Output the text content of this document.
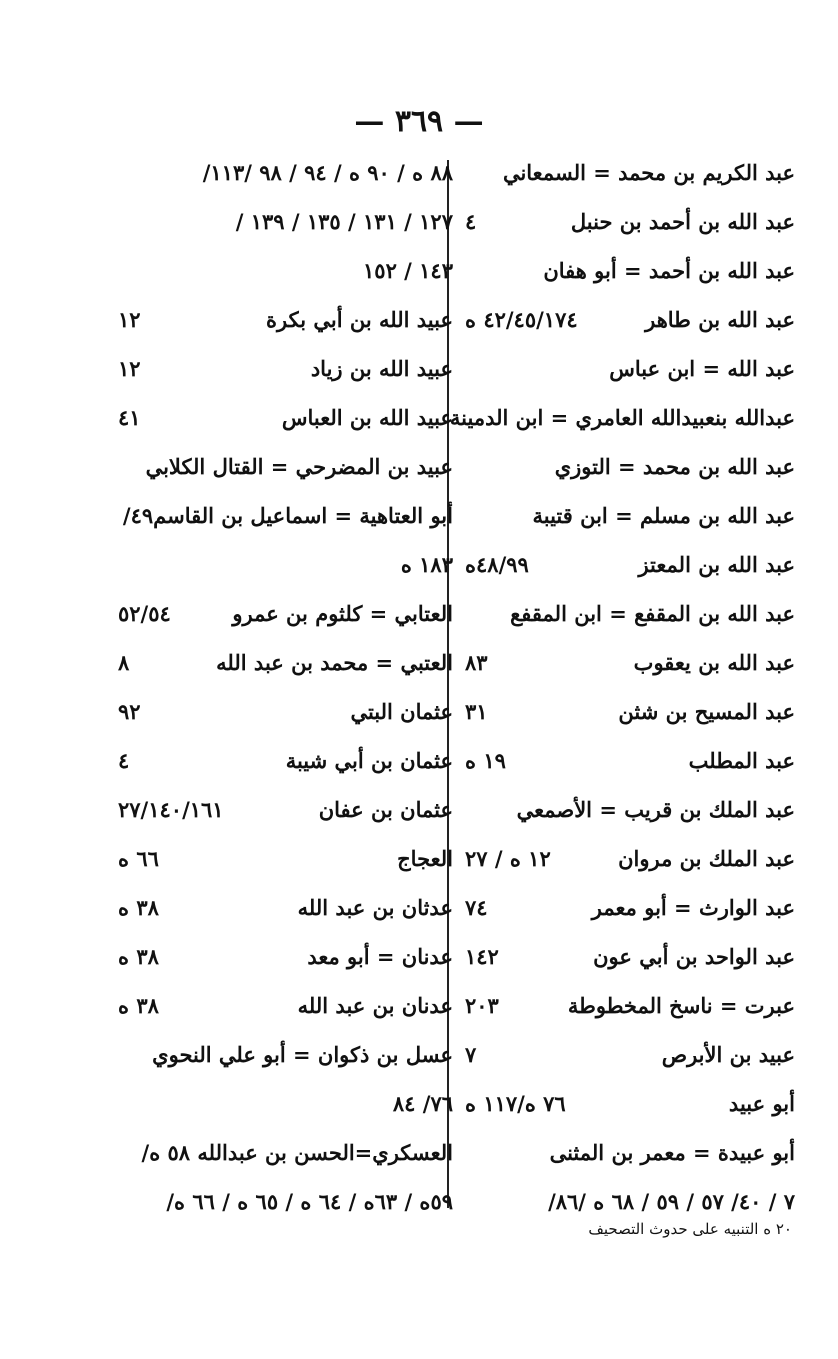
— ٣٦٩ —
عبد الكريم بن محمد = السمعاني
عبد الله بن أحمد بن حنبل
٤
عبد الله بن أحمد = أبو هفان
عبد الله بن طاهر
٤٢/٤٥/١٧٤ ه
عبد الله = ابن عباس
عبدالله بنعبيدالله العامري = ابن الدمينة
عبد الله بن محمد = التوزي
عبد الله بن مسلم = ابن قتيبة
عبد الله بن المعتز
٤٨/٩٩ه
عبد الله بن المقفع = ابن المقفع
عبد الله بن يعقوب
٨٣
عبد المسيح بن شثن
٣١
عبد المطلب
١٩ ه
عبد الملك بن قريب = الأصمعي
عبد الملك بن مروان
١٢ ه / ٢٧
عبد الوارث = أبو معمر
٧٤
عبد الواحد بن أبي عون
١٤٢
عبرت = ناسخ المخطوطة
٢٠٣
عبيد بن الأبرص
٧
أبو عبيد
٧٦ ه/١١٧ ه
أبو عبيدة = معمر بن المثنى
٧ / ٤٠/ ٥٧ / ٥٩ / ٦٨ ه /٨٦/
٨٨ ه / ٩٠ ه / ٩٤ / ٩٨ /١١٣/
١٢٧ / ١٣١ / ١٣٥ / ١٣٩ /
١٤٣ / ١٥٢
عبيد الله بن أبي بكرة
١٢
عبيد الله بن زياد
١٢
عبيد الله بن العباس
٤١
عبيد بن المضرحي = القتال الكلابي
أبو العتاهية = اسماعيل بن القاسم٤٩/
١٨٣ ه
العتابي = كلثوم بن عمرو
٥٢/٥٤
العتبي = محمد بن عبد الله
٨
عثمان البتي
٩٢
عثمان بن أبي شيبة
٤
عثمان بن عفان
٢٧/١٤٠/١٦١
العجاج
٦٦ ه
عدثان بن عبد الله
٣٨ ه
عدنان = أبو معد
٣٨ ه
عدنان بن عبد الله
٣٨ ه
عسل بن ذكوان = أبو علي النحوي
٧٦/ ٨٤
العسكري=الحسن بن عبدالله ٥٨ ه/
٥٩ه / ٦٣ه / ٦٤ ه / ٦٥ ه / ٦٦ ه/
٢٠ ه التنبيه على حدوث التصحيف
